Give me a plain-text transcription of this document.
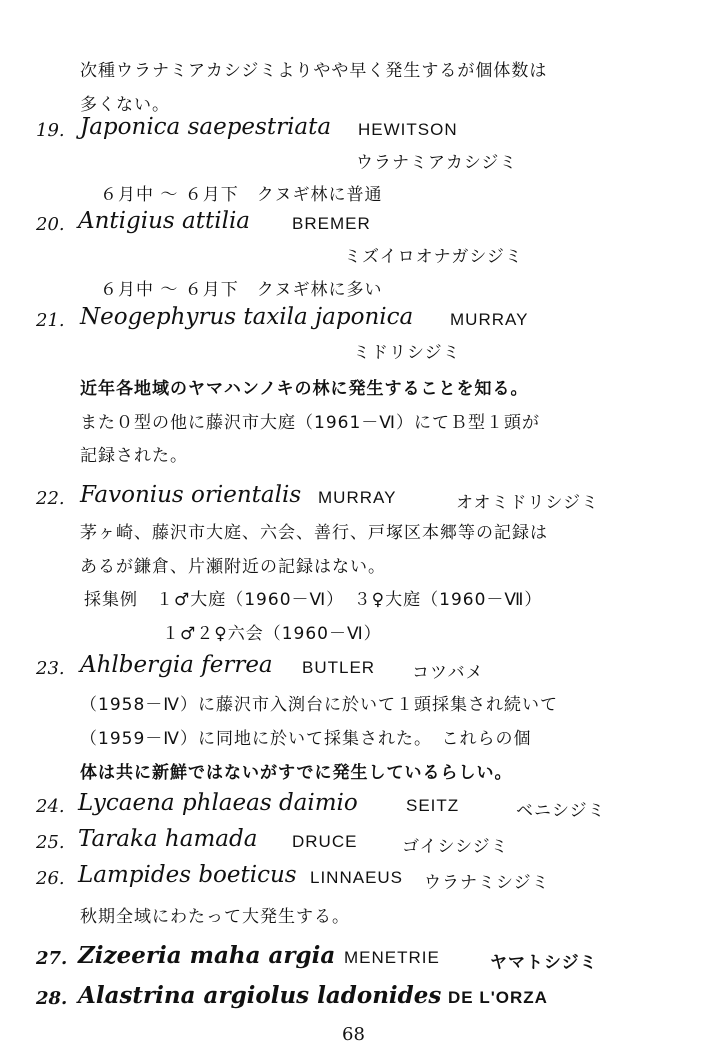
次種ウラナミアカシジミよりやや早く発生するが個体数は
多くない。
19. Japonica saepestriata HEWITSON
ウラナミアカシジミ
６月中 ～ ６月下　クヌギ林に普通
20. Antigius attilia BREMER
ミズイロオナガシジミ
６月中 ～ ６月下　クヌギ林に多い
21. Neogephyrus taxila japonica MURRAY
ミドリシジミ
近年各地域のヤマハンノキの林に発生することを知る。
また０型の他に藤沢市大庭（1961－Ⅵ）にてＢ型１頭が
記録された。
22. Favonius orientalis MURRAY	オオミドリシジミ
茅ヶ崎、藤沢市大庭、六会、善行、戸塚区本郷等の記録は
あるが鎌倉、片瀬附近の記録はない。
採集例　１♂大庭（1960－Ⅵ）　３♀大庭（1960－Ⅶ）
１♂２♀六会（1960－Ⅵ）
23. Ahlbergia ferrea BUTLER コツバメ
（1958－Ⅳ）に藤沢市入渕台に於いて１頭採集され続いて
（1959－Ⅳ）に同地に於いて採集された。　これらの個
体は共に新鮮ではないがすでに発生しているらしい。
24. Lycaena phlaeas daimio	SEITZ	ベニシジミ
25. Taraka hamada DRUCE	ゴイシシジミ
26. Lampides boeticus LINNAEUS ウラナミシジミ
秋期全域にわたって大発生する。
27. Zizeeria maha argia MENETRIE	ヤマトシジミ
28. Alastrina argiolus ladonides DE L'ORZA
68
